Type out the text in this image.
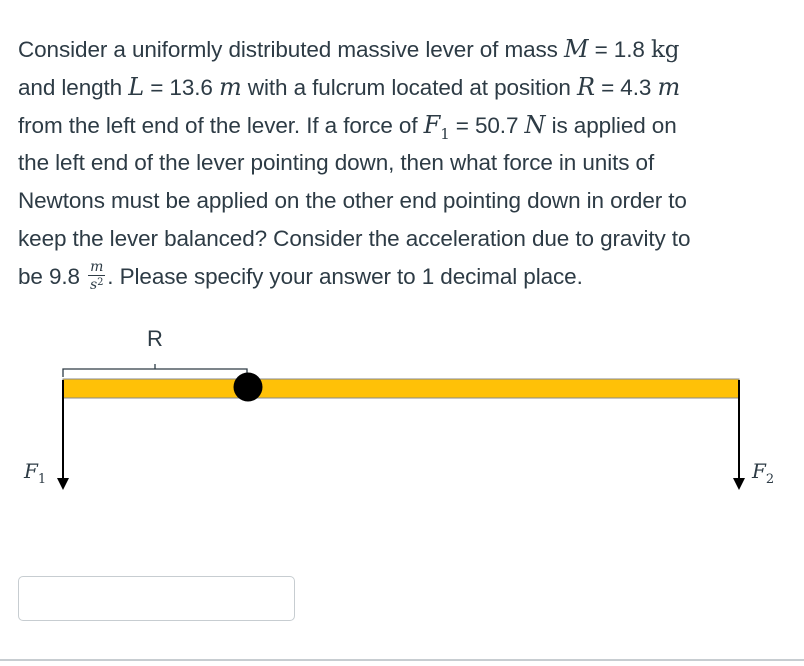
Consider a uniformly distributed massive lever of mass M = 1.8 kg
and length L = 13.6 m with a fulcrum located at position R = 4.3 m
from the left end of the lever. If a force of $F_1 = 50.7$ N is applied on
the left end of the lever pointing down, then what force in units of
Newtons must be applied on the other end pointing down in order to
keep the lever balanced? Consider the acceleration due to gravity to
be $9.8 \frac{m}{s^2}$ . Please specify your answer to 1 decimal place.
R
$F_1$	$F_2$
